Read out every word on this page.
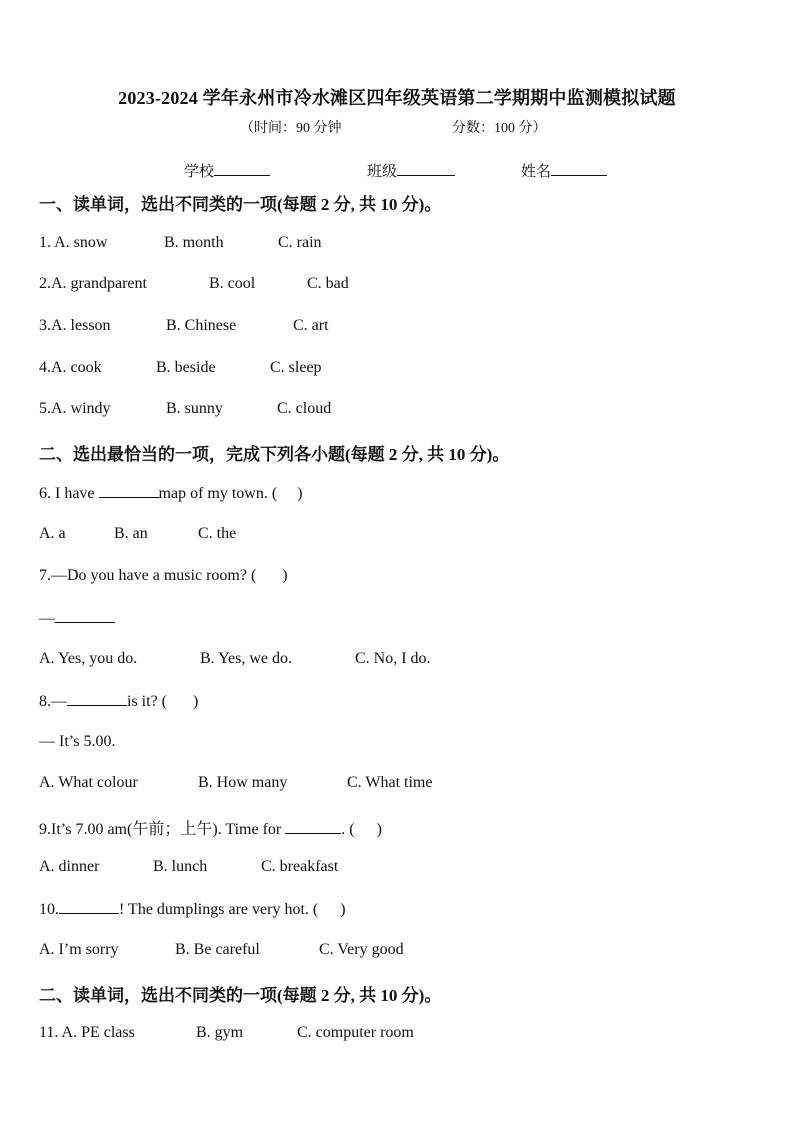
2023-2024 学年永州市冷水滩区四年级英语第二学期期中监测模拟试题
（时间：90 分钟	分数：100 分）
学校	班级	姓名
一、读单词，选出不同类的一项(每题 2 分, 共 10 分)。
1. A. snow	B. month	C. rain
2.A. grandparent	B. cool	C. bad
3.A. lesson	B. Chinese	C. art
4.A. cook	B. beside	C. sleep
5.A. windy	B. sunny	C. cloud
二、选出最恰当的一项，完成下列各小题(每题 2 分, 共 10 分)。
6. I have	map of my town. ( )
A. a	B. an	C. the
7.—Do you have a music room? ( )
—
A. Yes, you do.	B. Yes, we do.	C. No, I do.
8.—	is it? ( )
— It’s 5.00.
A. What colour	B. How many	C. What time
9.It’s 7.00 am(午前；上午). Time for	. ( )
A. dinner	B. lunch	C. breakfast
10.	! The dumplings are very hot. ( )
A. I’m sorry	B. Be careful	C. Very good
二、读单词，选出不同类的一项(每题 2 分, 共 10 分)。
11. A. PE class	B. gym	C. computer room
